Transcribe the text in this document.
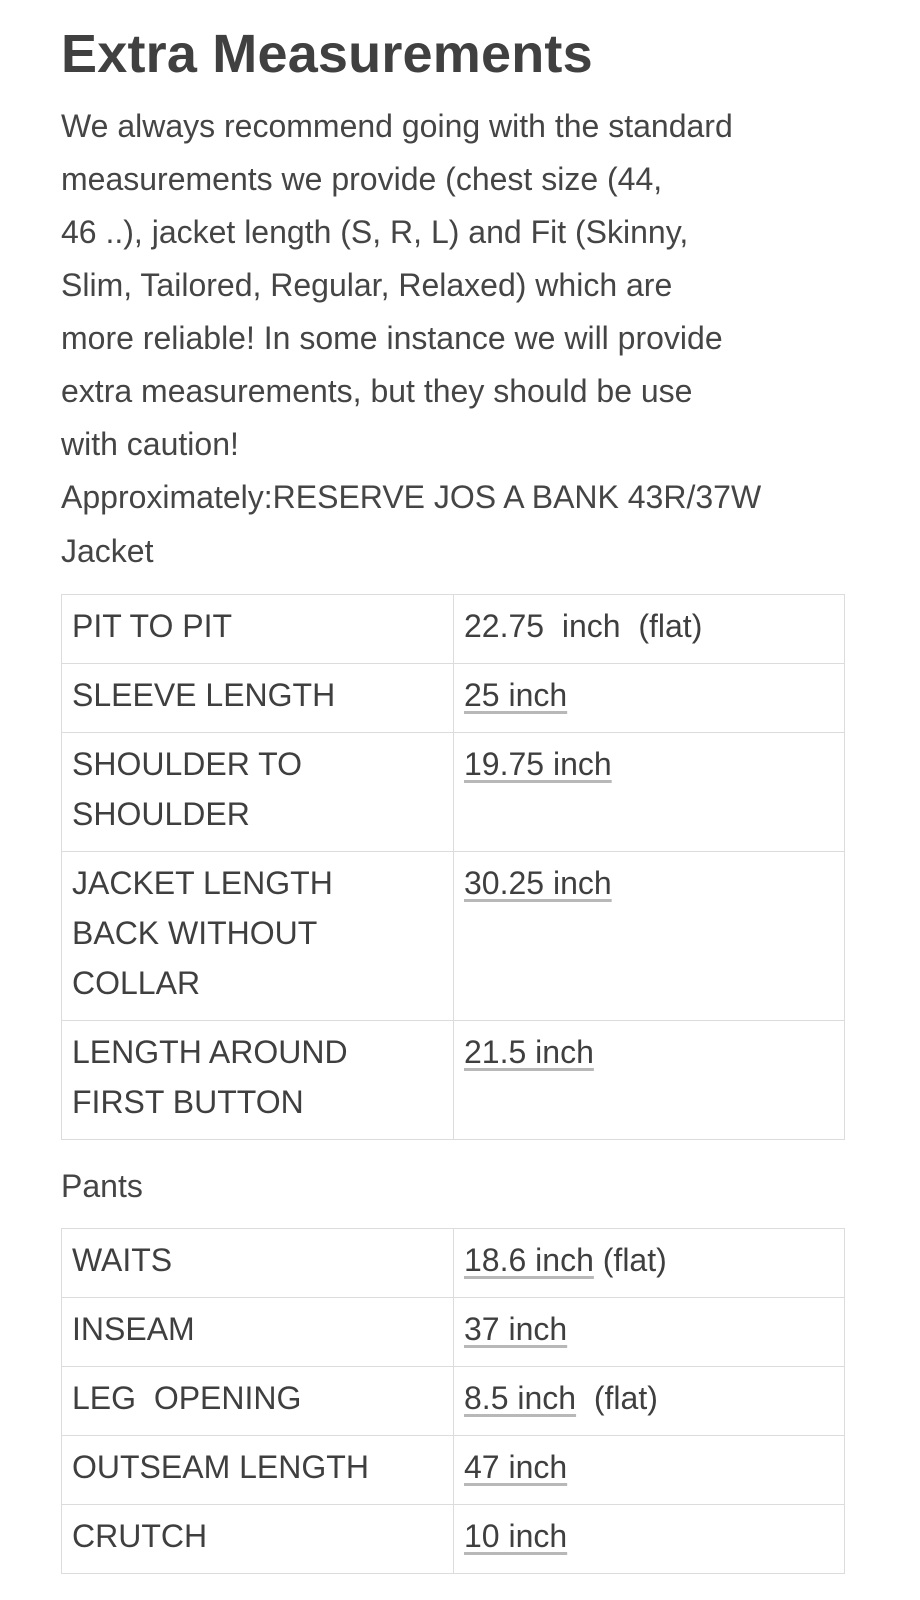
Extra Measurements

We always recommend going with the standard
measurements we provide (chest size (44,
46 ..), jacket length (S, R, L) and Fit (Skinny,
Slim, Tailored, Regular, Relaxed) which are
more reliable! In some instance we will provide
extra measurements, but they should be use
with caution!
Approximately:RESERVE JOS A BANK 43R/37W

Jacket

PIT TO PIT	22.75  inch  (flat)

SLEEVE LENGTH	25 inch

SHOULDER TO
SHOULDER	19.75 inch

JACKET LENGTH
BACK WITHOUT
COLLAR	30.25 inch

LENGTH AROUND
FIRST BUTTON	21.5 inch

Pants

WAITS	18.6 inch (flat)

INSEAM	37 inch

LEG  OPENING	8.5 inch  (flat)

OUTSEAM LENGTH	47 inch

CRUTCH	10 inch
